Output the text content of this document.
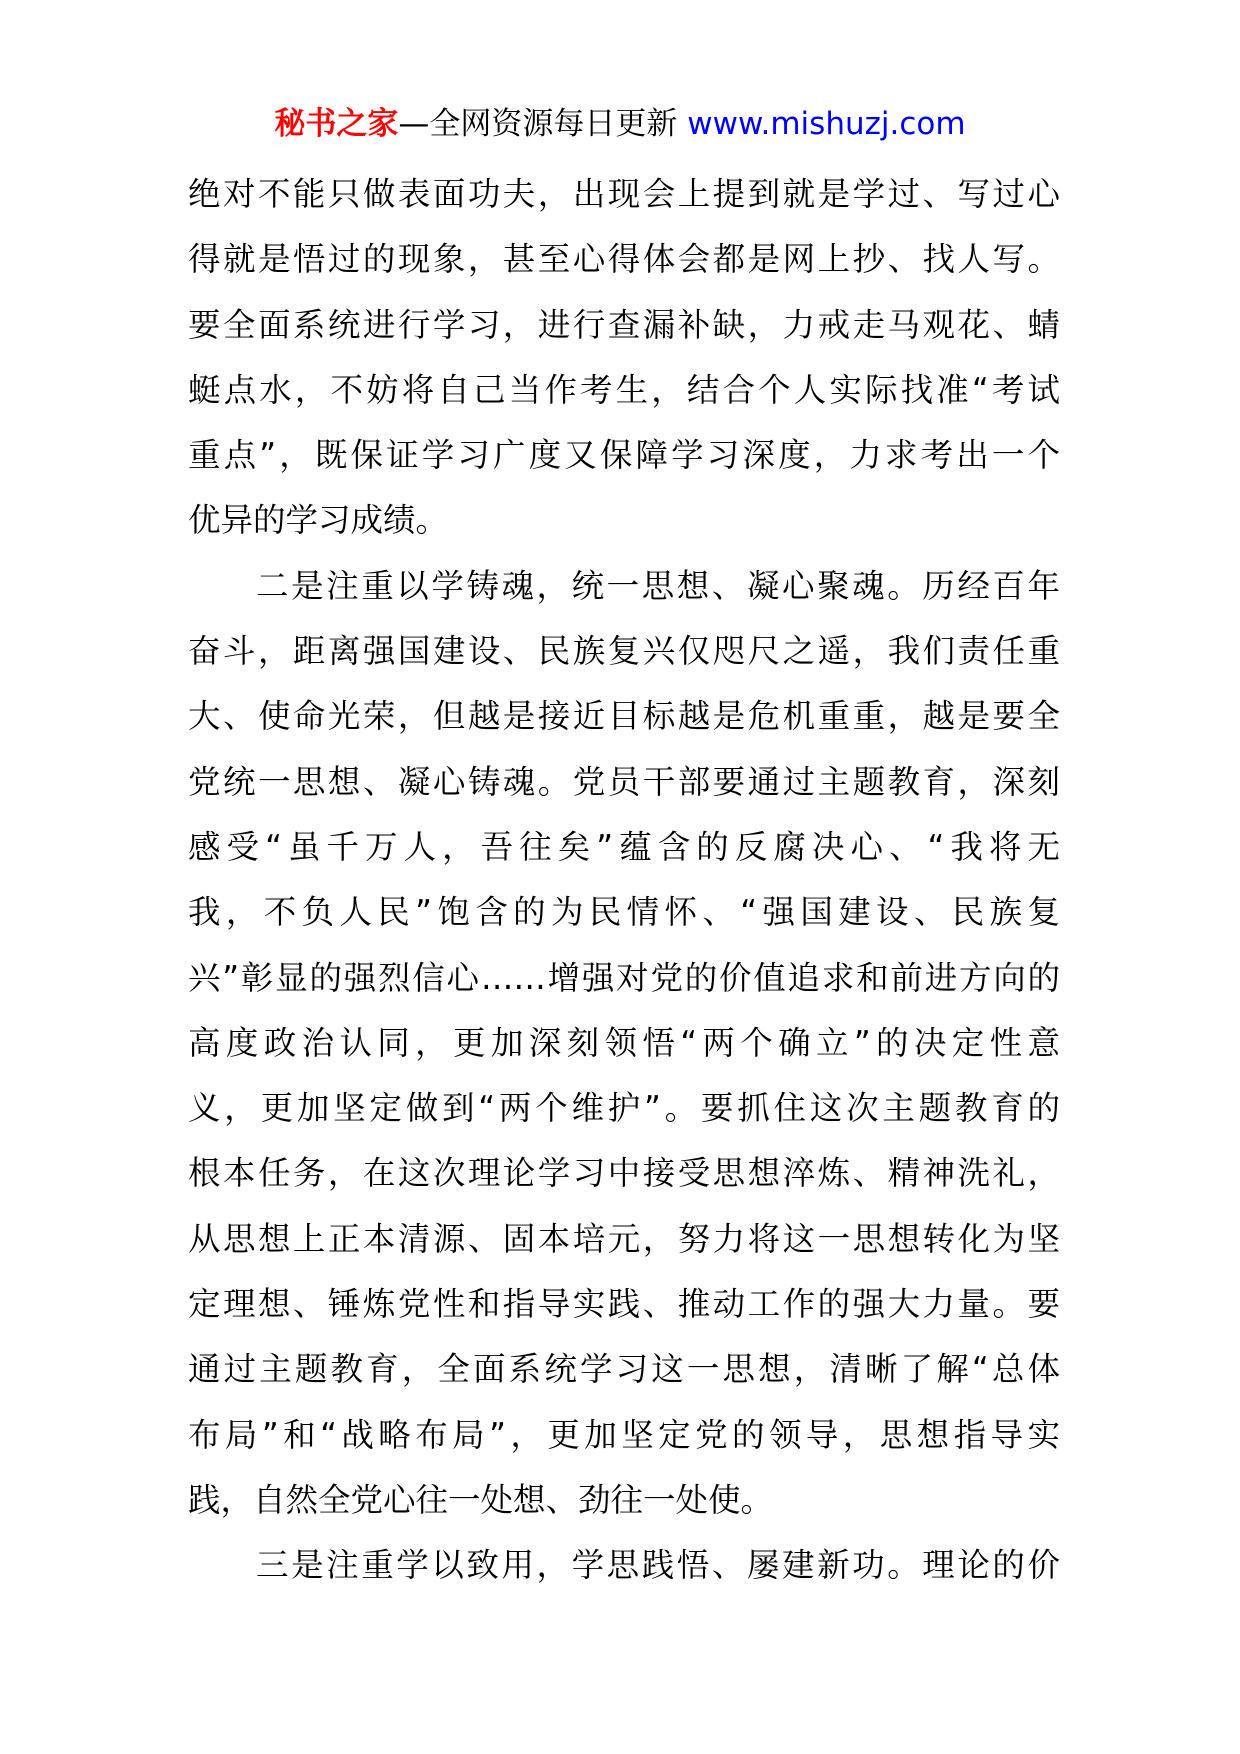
秘书之家—全网资源每日更新 www.mishuzj.com
绝对不能只做表面功夫，出现会上提到就是学过、写过心
得就是悟过的现象，甚至心得体会都是网上抄、找人写。
要全面系统进行学习，进行查漏补缺，力戒走马观花、蜻
蜓点水，不妨将自己当作考生，结合个人实际找准“考试
重点”，既保证学习广度又保障学习深度，力求考出一个
优异的学习成绩。
二是注重以学铸魂，统一思想、凝心聚魂。历经百年
奋斗，距离强国建设、民族复兴仅咫尺之遥，我们责任重
大、使命光荣，但越是接近目标越是危机重重，越是要全
党统一思想、凝心铸魂。党员干部要通过主题教育，深刻
感受“虽千万人，吾往矣”蕴含的反腐决心、“我将无
我，不负人民”饱含的为民情怀、“强国建设、民族复
兴”彰显的强烈信心……增强对党的价值追求和前进方向的
高度政治认同，更加深刻领悟“两个确立”的决定性意
义，更加坚定做到“两个维护”。要抓住这次主题教育的
根本任务，在这次理论学习中接受思想淬炼、精神洗礼，
从思想上正本清源、固本培元，努力将这一思想转化为坚
定理想、锤炼党性和指导实践、推动工作的强大力量。要
通过主题教育，全面系统学习这一思想，清晰了解“总体
布局”和“战略布局”，更加坚定党的领导，思想指导实
践，自然全党心往一处想、劲往一处使。
三是注重学以致用，学思践悟、屡建新功。理论的价
